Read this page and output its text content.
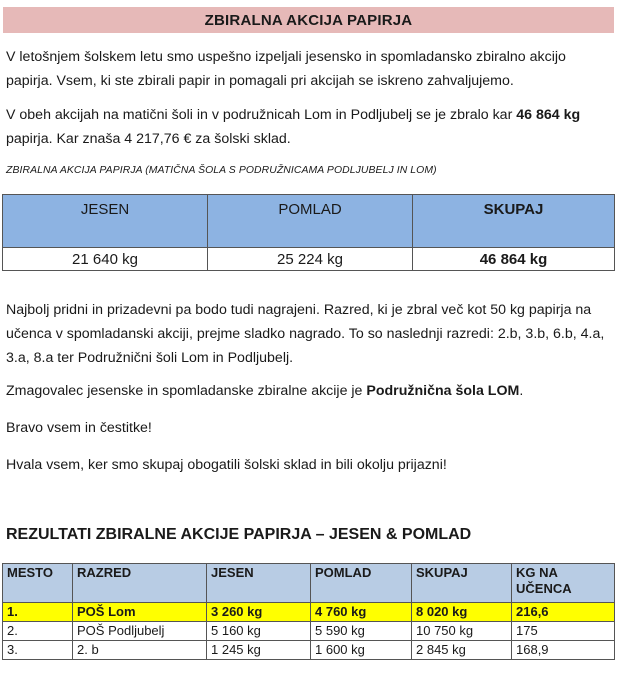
ZBIRALNA AKCIJA PAPIRJA

V letošnjem šolskem letu smo uspešno izpeljali jesensko in spomladansko zbiralno akcijo papirja. Vsem, ki ste zbirali papir in pomagali pri akcijah se iskreno zahvaljujemo.

V obeh akcijah na matični šoli in v podružnicah Lom in Podljubelj se je zbralo kar 46 864 kg papirja. Kar znaša 4 217,76 € za šolski sklad.

ZBIRALNA AKCIJA PAPIRJA (MATIČNA ŠOLA S PODRUŽNICAMA PODLJUBELJ IN LOM)
JESEN	POMLAD	SKUPAJ
21 640 kg	25 224 kg	46 864 kg

Najbolj pridni in prizadevni pa bodo tudi nagrajeni. Razred, ki je zbral več kot 50 kg papirja na učenca v spomladanski akciji, prejme sladko nagrado. To so naslednji razredi: 2.b, 3.b, 6.b, 4.a, 3.a, 8.a ter Podružnični šoli Lom in Podljubelj.

Zmagovalec jesenske in spomladanske zbiralne akcije je Podružnična šola LOM.

Bravo vsem in čestitke!

Hvala vsem, ker smo skupaj obogatili šolski sklad in bili okolju prijazni!

REZULTATI ZBIRALNE AKCIJE PAPIRJA – JESEN & POMLAD
MESTO	RAZRED	JESEN	POMLAD	SKUPAJ	KG NA UČENCA
1.	POŠ Lom	3 260 kg	4 760 kg	8 020 kg	216,6
2.	POŠ Podljubelj	5 160 kg	5 590 kg	10 750 kg	175
3.	2. b	1 245 kg	1 600 kg	2 845 kg	168,9
